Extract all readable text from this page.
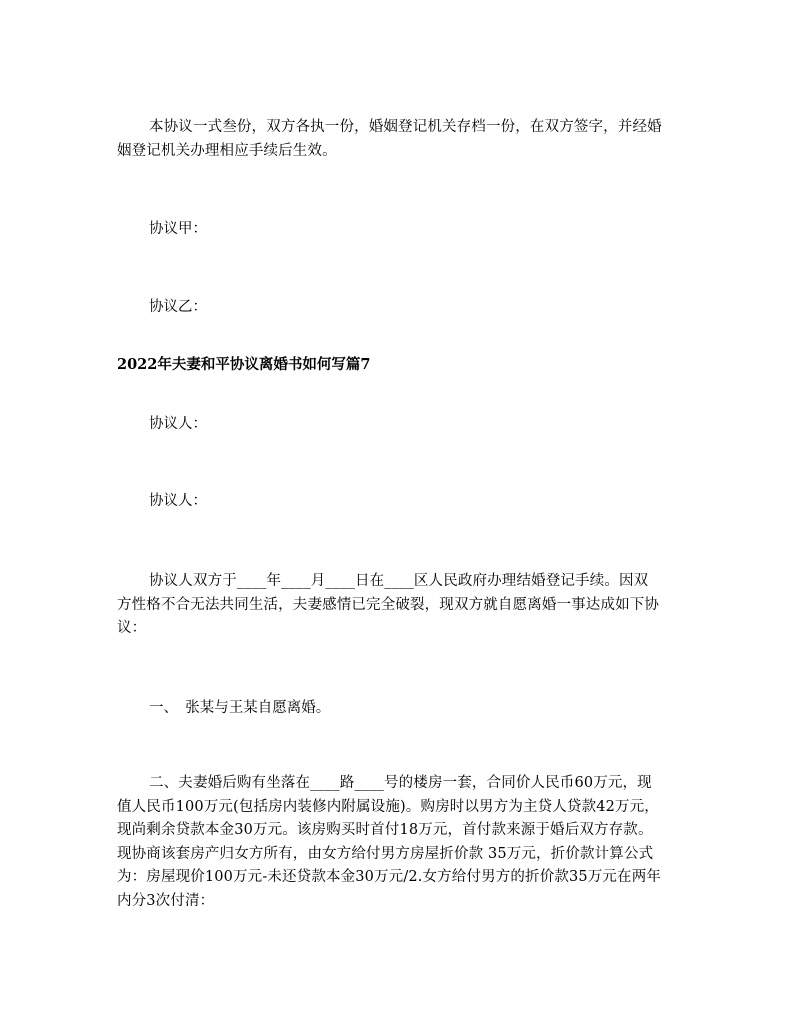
本协议一式叁份，双方各执一份，婚姻登记机关存档一份，在双方签字，并经婚姻登记机关办理相应手续后生效。
协议甲：
协议乙：
2022年夫妻和平协议离婚书如何写篇7
协议人：
协议人：
协议人双方于____年____月____日在____区人民政府办理结婚登记手续。因双方性格不合无法共同生活，夫妻感情已完全破裂，现双方就自愿离婚一事达成如下协议：
一、　张某与王某自愿离婚。
二、夫妻婚后购有坐落在____路____号的楼房一套，合同价人民币60万元，现值人民币100万元(包括房内装修内附属设施)。购房时以男方为主贷人贷款42万元，现尚剩余贷款本金30万元。该房购买时首付18万元，首付款来源于婚后双方存款。现协商该套房产归女方所有，由女方给付男方房屋折价款 35万元，折价款计算公式为：房屋现价100万元-未还贷款本金30万元/2.女方给付男方的折价款35万元在两年内分3次付清：
